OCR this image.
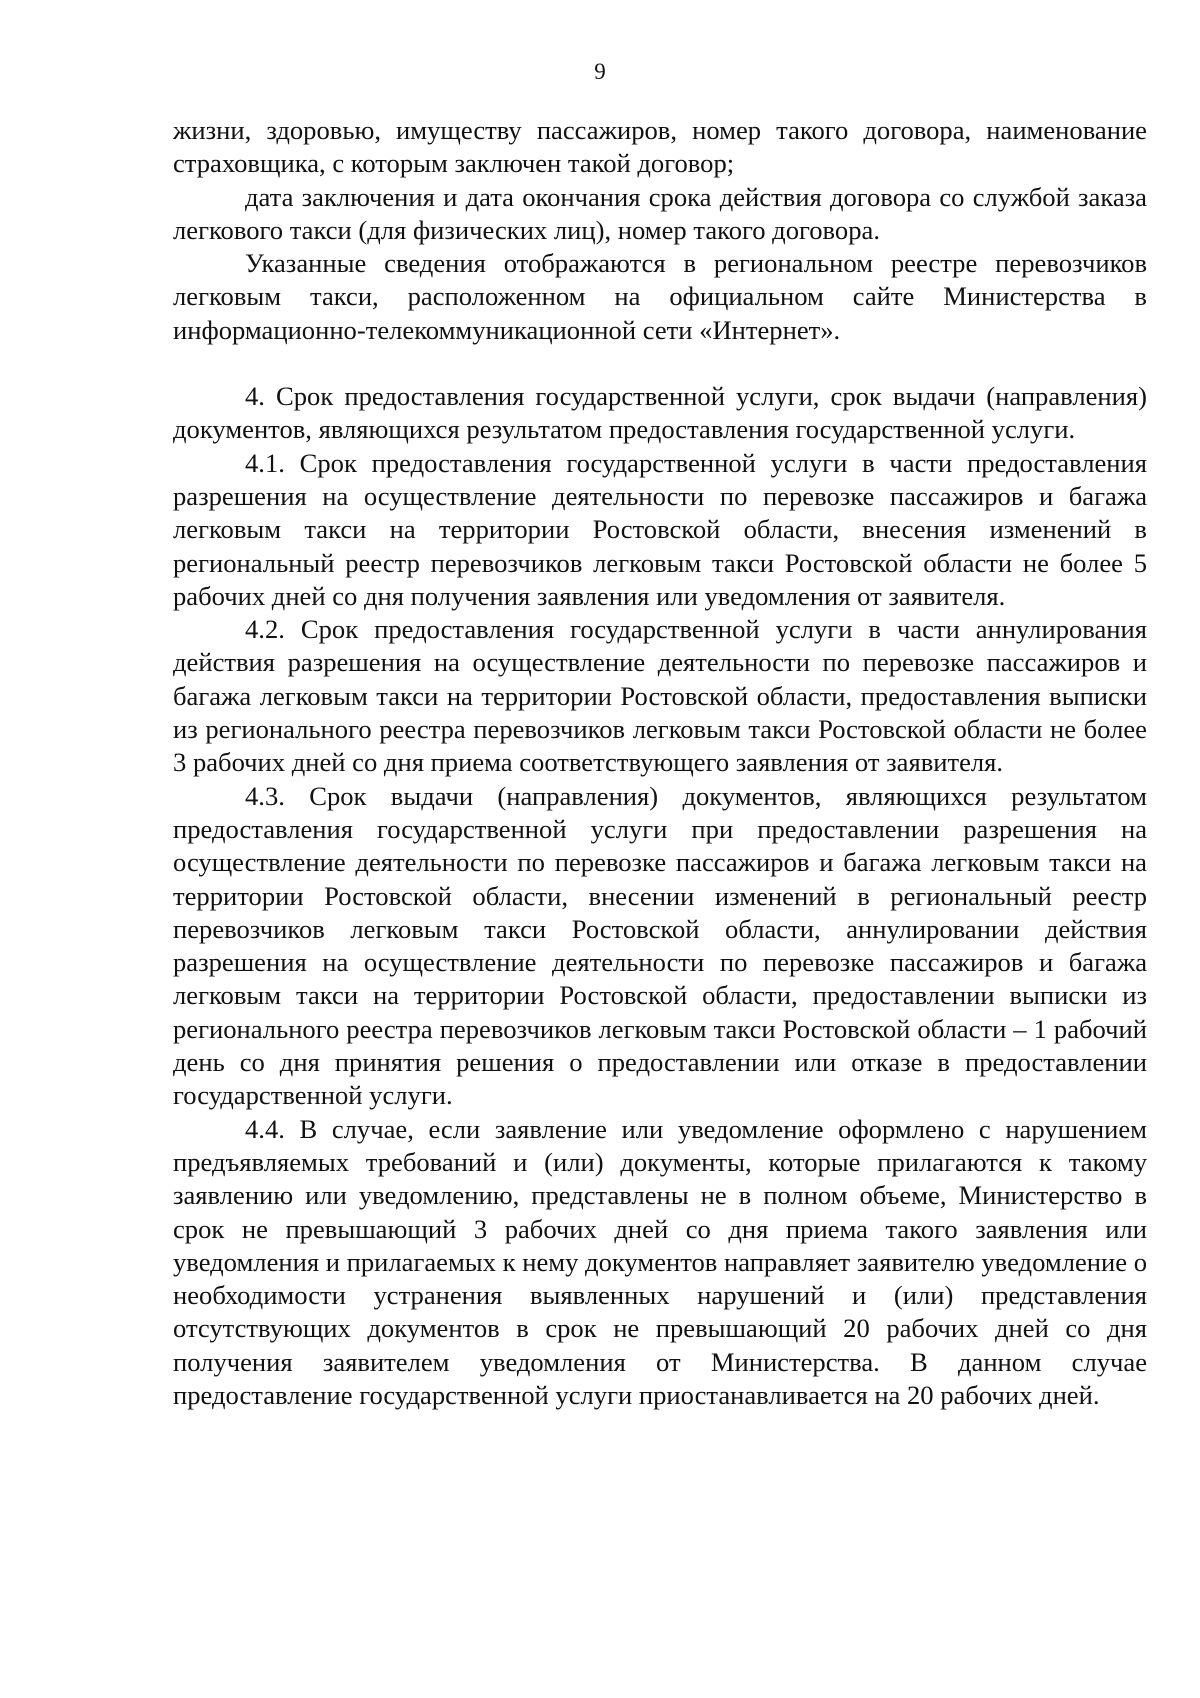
9

жизни, здоровью, имуществу пассажиров, номер такого договора, наименование страховщика, с которым заключен такой договор;

дата заключения и дата окончания срока действия договора со службой заказа легкового такси (для физических лиц), номер такого договора.

Указанные сведения отображаются в региональном реестре перевозчиков легковым такси, расположенном на официальном сайте Министерства в информационно-телекоммуникационной сети «Интернет».

4. Срок предоставления государственной услуги, срок выдачи (направления) документов, являющихся результатом предоставления государственной услуги.

4.1. Срок предоставления государственной услуги в части предоставления разрешения на осуществление деятельности по перевозке пассажиров и багажа легковым такси на территории Ростовской области, внесения изменений в региональный реестр перевозчиков легковым такси Ростовской области не более 5 рабочих дней со дня получения заявления или уведомления от заявителя.

4.2. Срок предоставления государственной услуги в части аннулирования действия разрешения на осуществление деятельности по перевозке пассажиров и багажа легковым такси на территории Ростовской области, предоставления выписки из регионального реестра перевозчиков легковым такси Ростовской области не более 3 рабочих дней со дня приема соответствующего заявления от заявителя.

4.3. Срок выдачи (направления) документов, являющихся результатом предоставления государственной услуги при предоставлении разрешения на осуществление деятельности по перевозке пассажиров и багажа легковым такси на территории Ростовской области, внесении изменений в региональный реестр перевозчиков легковым такси Ростовской области, аннулировании действия разрешения на осуществление деятельности по перевозке пассажиров и багажа легковым такси на территории Ростовской области, предоставлении выписки из регионального реестра перевозчиков легковым такси Ростовской области – 1 рабочий день со дня принятия решения о предоставлении или отказе в предоставлении государственной услуги.

4.4. В случае, если заявление или уведомление оформлено с нарушением предъявляемых требований и (или) документы, которые прилагаются к такому заявлению или уведомлению, представлены не в полном объеме, Министерство в срок не превышающий 3 рабочих дней со дня приема такого заявления или уведомления и прилагаемых к нему документов направляет заявителю уведомление о необходимости устранения выявленных нарушений и (или) представления отсутствующих документов в срок не превышающий 20 рабочих дней со дня получения заявителем уведомления от Министерства. В данном случае предоставление государственной услуги приостанавливается на 20 рабочих дней.
